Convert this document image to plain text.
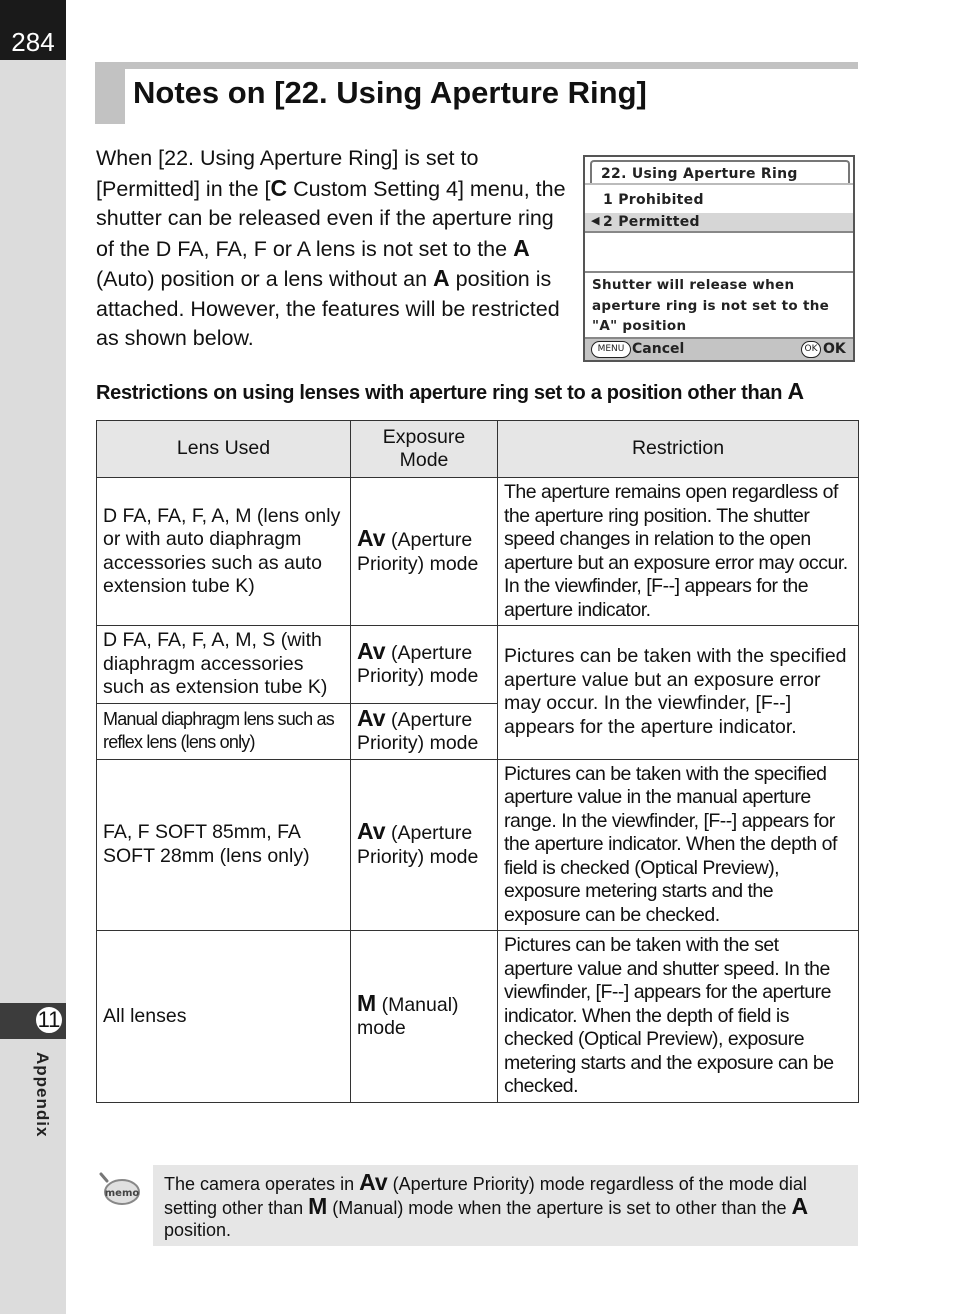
284
11
Appendix
Notes on [22. Using Aperture Ring]
When [22. Using Aperture Ring] is set to [Permitted] in the [C Custom Setting 4] menu, the shutter can be released even if the aperture ring of the D FA, FA, F or A lens is not set to the A (Auto) position or a lens without an A position is attached. However, the features will be restricted as shown below.
22. Using Aperture Ring
1 Prohibited
◀ 2 Permitted
Shutter will release when
aperture ring is not set to the
"A" position
MENU Cancel	OK OK
Restrictions on using lenses with aperture ring set to a position other than A
Lens Used	Exposure Mode	Restriction
D FA, FA, F, A, M (lens only or with auto diaphragm accessories such as auto extension tube K)	Av (Aperture Priority) mode	The aperture remains open regardless of the aperture ring position. The shutter speed changes in relation to the open aperture but an exposure error may occur. In the viewfinder, [F--] appears for the aperture indicator.
D FA, FA, F, A, M, S (with diaphragm accessories such as extension tube K)	Av (Aperture Priority) mode	Pictures can be taken with the specified aperture value but an exposure error may occur. In the viewfinder, [F--] appears for the aperture indicator.
Manual diaphragm lens such as reflex lens (lens only)	Av (Aperture Priority) mode	
FA, F SOFT 85mm, FA SOFT 28mm (lens only)	Av (Aperture Priority) mode	Pictures can be taken with the specified aperture value in the manual aperture range. In the viewfinder, [F--] appears for the aperture indicator. When the depth of field is checked (Optical Preview), exposure metering starts and the exposure can be checked.
All lenses	M (Manual) mode	Pictures can be taken with the set aperture value and shutter speed. In the viewfinder, [F--] appears for the aperture indicator. When the depth of field is checked (Optical Preview), exposure metering starts and the exposure can be checked.
memo	The camera operates in Av (Aperture Priority) mode regardless of the mode dial setting other than M (Manual) mode when the aperture is set to other than the A position.
